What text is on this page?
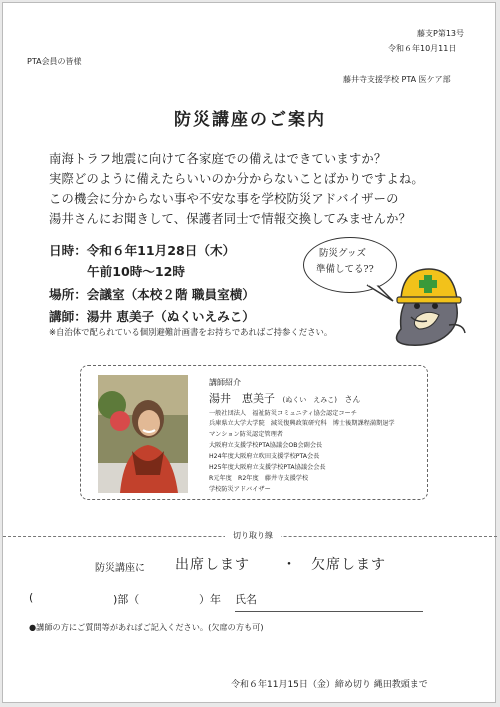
藤支P第13号
令和６年10月11日
PTA会員の皆様
藤井寺支援学校 PTA 医ケア部
防災講座のご案内
南海トラフ地震に向けて各家庭での備えはできていますか？
実際どのように備えたらいいのか分からないことばかりですよね。
この機会に分からない事や不安な事を学校防災アドバイザーの
湯井さんにお聞きして、保護者同士で情報交換してみませんか？
日時：令和６年11月28日（木）
午前10時～12時
場所：会議室（本校２階 職員室横）
講師：湯井 恵美子（ぬくいえみこ）
※自治体で配られている個別避難計画書をお持ちであればご持参ください。
防災グッズ
準備してる??
講師紹介
湯井　恵美子 (ぬくい　えみこ) さん
一般社団法人　福祉防災コミュニティ協会認定コーチ
兵庫県立大学大学院　減災復興政策研究科　博士後期課程満期退学
マンション防災認定管理者
大阪府立支援学校PTA協議会OB会副会長
H24年度大阪府立吹田支援学校PTA会長
H25年度大阪府立支援学校PTA協議会会長
R元年度　R2年度　藤井寺支援学校
学校防災アドバイザー
切り取り線
防災講座に 出席します ・ 欠席します
(	)部（	）年 氏名
●講師の方にご質問等があればご記入ください。(欠席の方も可)
令和６年11月15日（金）締め切り 縄田教頭まで
